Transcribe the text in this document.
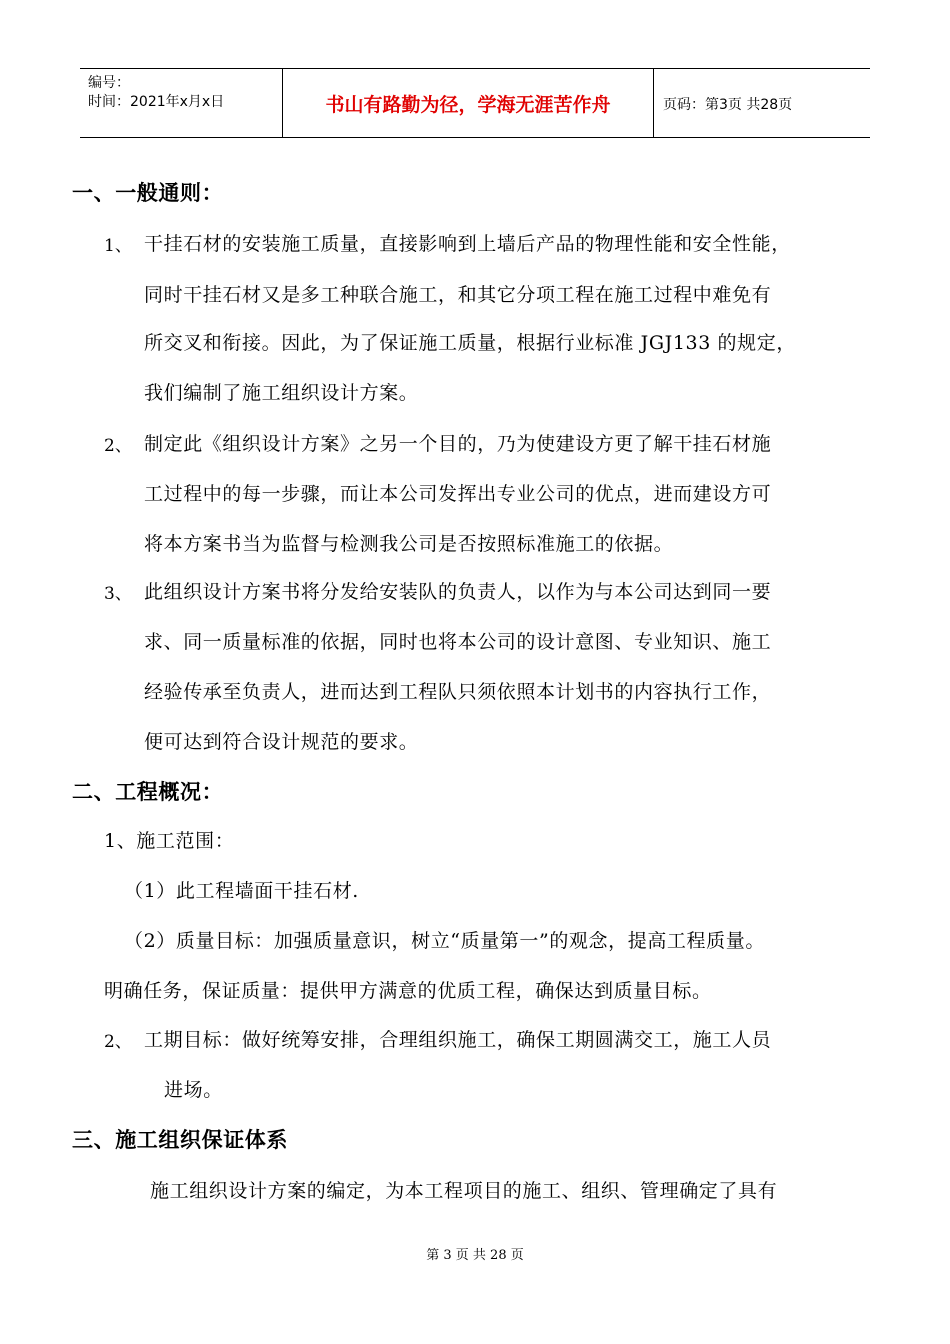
编号：
时间：2021年x月x日	书山有路勤为径，学海无涯苦作舟	页码：第3页 共28页
一、一般通则：
1、 干挂石材的安装施工质量，直接影响到上墙后产品的物理性能和安全性能，
同时干挂石材又是多工种联合施工，和其它分项工程在施工过程中难免有
所交叉和衔接。因此，为了保证施工质量，根据行业标准 JGJ133 的规定，
我们编制了施工组织设计方案。
2、 制定此《组织设计方案》之另一个目的，乃为使建设方更了解干挂石材施
工过程中的每一步骤，而让本公司发挥出专业公司的优点，进而建设方可
将本方案书当为监督与检测我公司是否按照标准施工的依据。
3、 此组织设计方案书将分发给安装队的负责人，以作为与本公司达到同一要
求、同一质量标准的依据，同时也将本公司的设计意图、专业知识、施工
经验传承至负责人，进而达到工程队只须依照本计划书的内容执行工作，
便可达到符合设计规范的要求。
二、工程概况：
1、施工范围：
（1）此工程墙面干挂石材.
（2）质量目标：加强质量意识，树立“质量第一”的观念，提高工程质量。
明确任务，保证质量：提供甲方满意的优质工程，确保达到质量目标。
2、 工期目标：做好统筹安排，合理组织施工，确保工期圆满交工，施工人员
进场。
三、施工组织保证体系
施工组织设计方案的编定，为本工程项目的施工、组织、管理确定了具有
第 3 页 共 28 页
